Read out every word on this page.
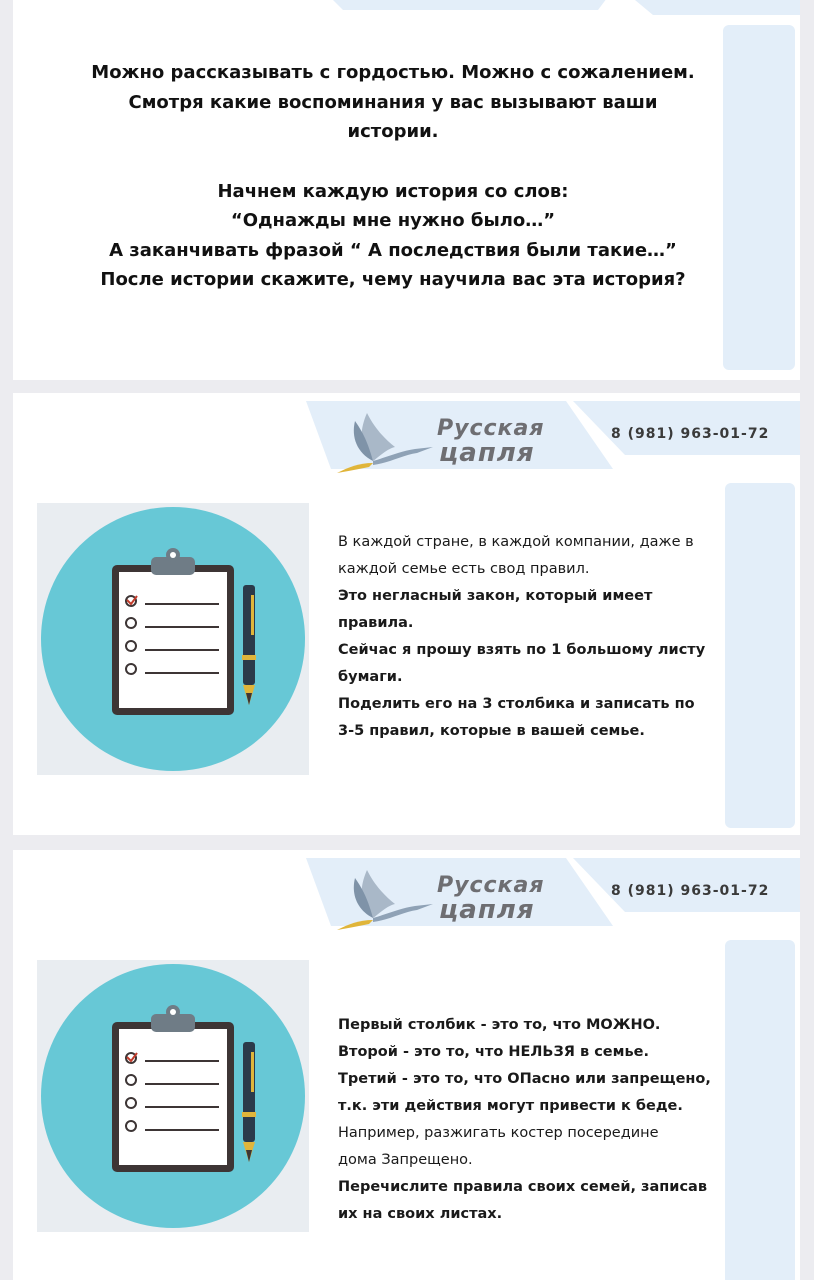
Можно рассказывать с гордостью. Можно с сожалением.

Смотря какие воспоминания у вас вызывают ваши

истории.

Начнем каждую история со слов:

“Однажды мне нужно было…”

А заканчивать фразой “ А последствия были такие…”

После истории скажите, чему научила вас эта история?

Русская
цапля
8 (981) 963-01-72

В каждой стране, в каждой компании, даже в

каждой семье есть свод правил.

Это негласный закон, который имеет

правила.

Сейчас я прошу взять по 1 большому листу

бумаги.

Поделить его на 3 столбика и записать по

3-5 правил, которые в вашей семье.

Русская
цапля
8 (981) 963-01-72

Первый столбик - это то, что МОЖНО.

Второй - это то, что НЕЛЬЗЯ в семье.

Третий - это то, что ОПасно или запрещено,

т.к. эти действия могут привести к беде.

Например, разжигать костер посередине

дома Запрещено.

Перечислите правила своих семей, записав

их на своих листах.
